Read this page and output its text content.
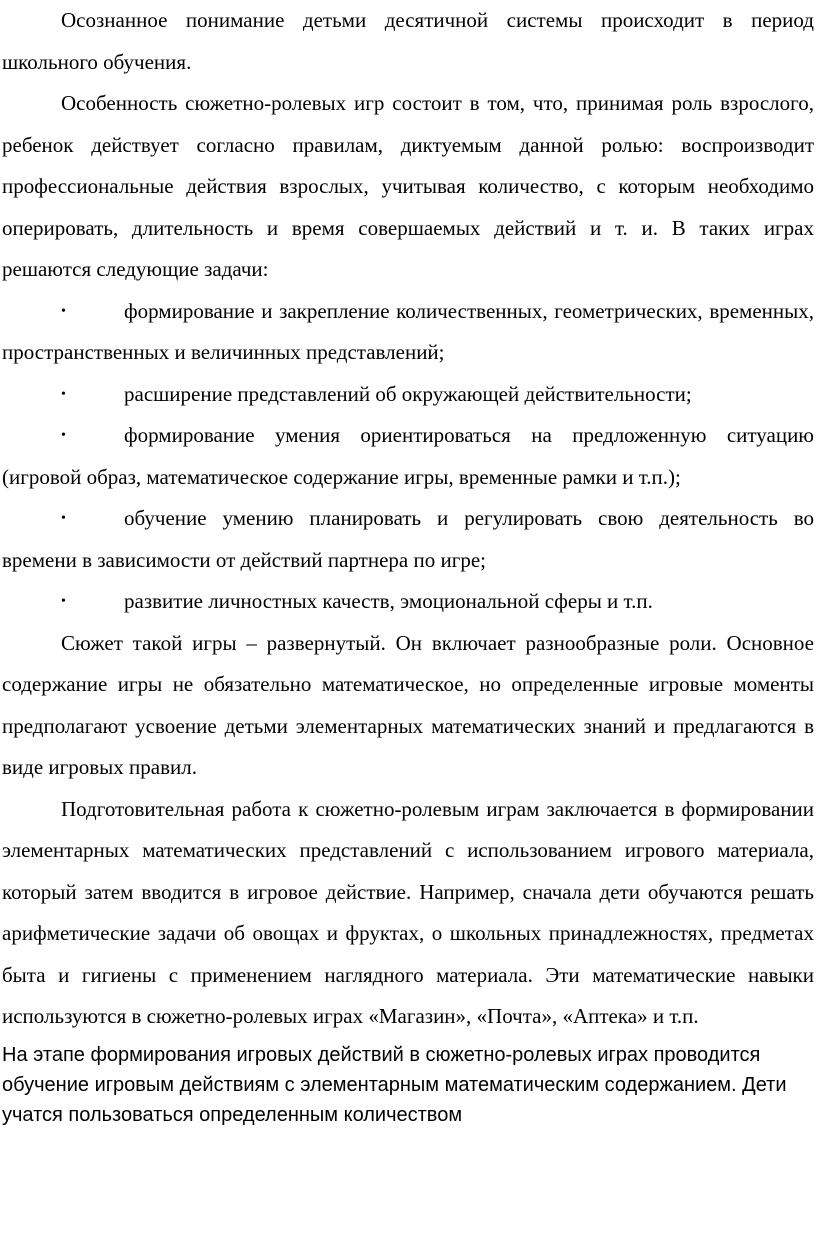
Осознанное понимание детьми десятичной системы происходит в период школьного обучения.

Особенность сюжетно-ролевых игр состоит в том, что, принимая роль взрослого, ребенок действует согласно правилам, диктуемым данной ролью: воспроизводит профессиональные действия взрослых, учитывая количество, с которым необходимо оперировать, длительность и время совершаемых действий и т. и. В таких играх решаются следующие задачи:

•	формирование и закрепление количественных, геометрических, временных, пространственных и величинных представлений;

•	расширение представлений об окружающей действительности;

•	формирование умения ориентироваться на предложенную ситуацию (игровой образ, математическое содержание игры, временные рамки и т.п.);

•	обучение умению планировать и регулировать свою деятельность во времени в зависимости от действий партнера по игре;

•	развитие личностных качеств, эмоциональной сферы и т.п.

Сюжет такой игры – развернутый. Он включает разнообразные роли. Основное содержание игры не обязательно математическое, но определенные игровые моменты предполагают усвоение детьми элементарных математических знаний и предлагаются в виде игровых правил.

Подготовительная работа к сюжетно-ролевым играм заключается в формировании элементарных математических представлений с использованием игрового материала, который затем вводится в игровое действие. Например, сначала дети обучаются решать арифметические задачи об овощах и фруктах, о школьных принадлежностях, предметах быта и гигиены с применением наглядного материала. Эти математические навыки используются в сюжетно-ролевых играх «Магазин», «Почта», «Аптека» и т.п.

На этапе формирования игровых действий в сюжетно-ролевых играх проводится обучение игровым действиям с элементарным математическим содержанием. Дети учатся пользоваться определенным количеством
